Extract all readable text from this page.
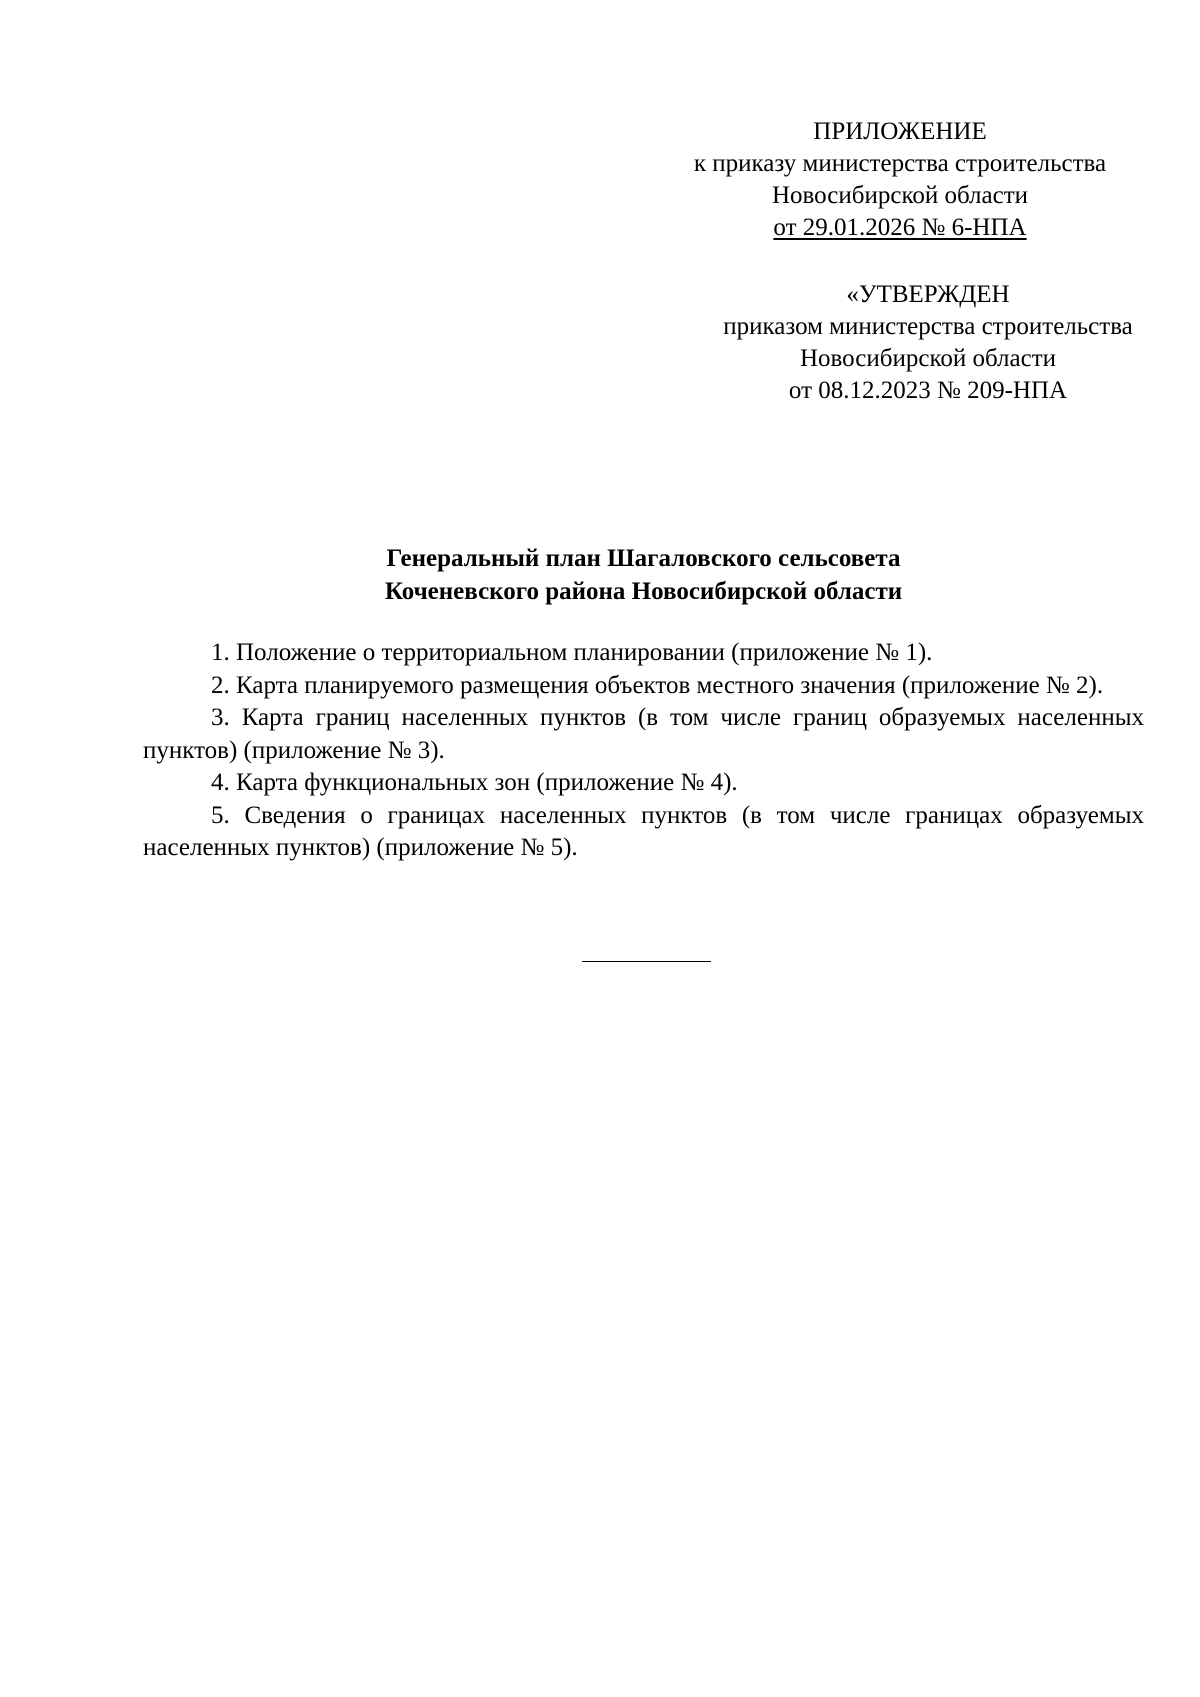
ПРИЛОЖЕНИЕ
к приказу министерства строительства
Новосибирской области
от 29.01.2026 № 6-НПА
«УТВЕРЖДЕН
приказом министерства строительства
Новосибирской области
от 08.12.2023 № 209-НПА
Генеральный план Шагаловского сельсовета
Коченевского района Новосибирской области

1. Положение о территориальном планировании (приложение № 1).

2. Карта планируемого размещения объектов местного значения (приложение № 2).

3. Карта границ населенных пунктов (в том числе границ образуемых населенных пунктов) (приложение № 3).

4. Карта функциональных зон (приложение № 4).

5. Сведения о границах населенных пунктов (в том числе границах образуемых населенных пунктов) (приложение № 5).
